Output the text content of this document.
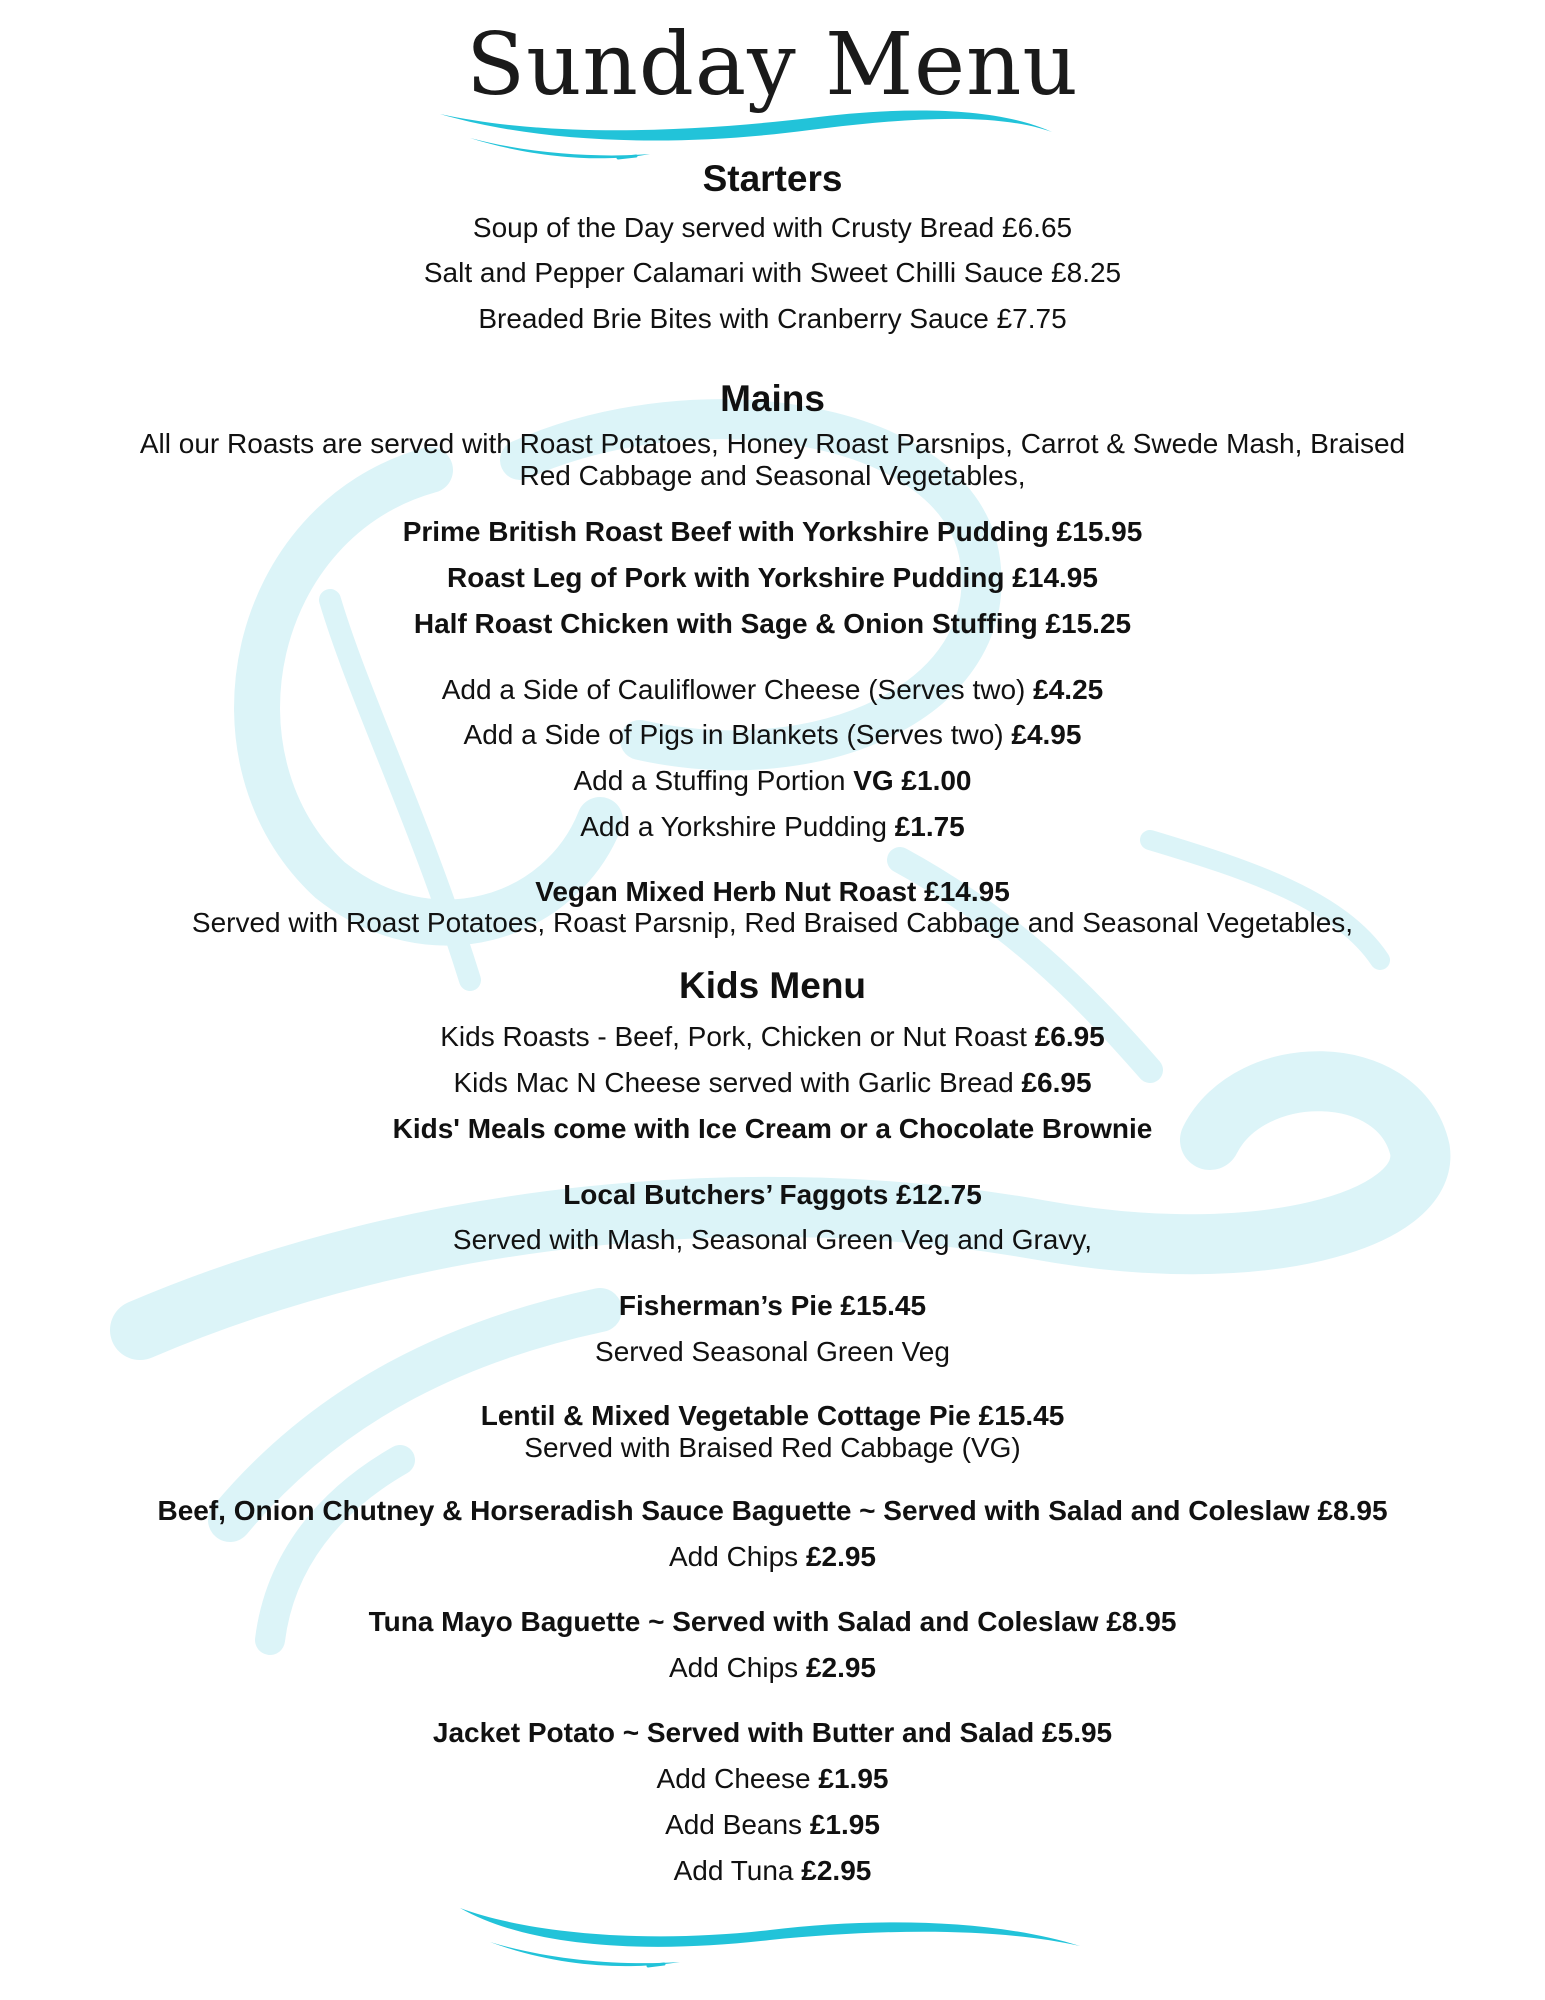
Sunday Menu
Starters
Soup of the Day served with Crusty Bread £6.65
Salt and Pepper Calamari with Sweet Chilli Sauce £8.25
Breaded Brie Bites with Cranberry Sauce £7.75
Mains
All our Roasts are served with Roast Potatoes, Honey Roast Parsnips, Carrot & Swede Mash, Braised Red Cabbage and Seasonal Vegetables,
Prime British Roast Beef with Yorkshire Pudding £15.95
Roast Leg of Pork with Yorkshire Pudding £14.95
Half Roast Chicken with Sage & Onion Stuffing £15.25
Add a Side of Cauliflower Cheese (Serves two) £4.25
Add a Side of Pigs in Blankets (Serves two) £4.95
Add a Stuffing Portion VG £1.00
Add a Yorkshire Pudding £1.75
Vegan Mixed Herb Nut Roast £14.95
Served with Roast Potatoes, Roast Parsnip, Red Braised Cabbage and Seasonal Vegetables,
Kids Menu
Kids Roasts - Beef, Pork, Chicken or Nut Roast £6.95
Kids Mac N Cheese served with Garlic Bread £6.95
Kids' Meals come with Ice Cream or a Chocolate Brownie
Local Butchers’ Faggots £12.75
Served with Mash, Seasonal Green Veg and Gravy,
Fisherman’s Pie £15.45
Served Seasonal Green Veg
Lentil & Mixed Vegetable Cottage Pie £15.45
Served with Braised Red Cabbage (VG)
Beef, Onion Chutney & Horseradish Sauce Baguette ~ Served with Salad and Coleslaw £8.95
Add Chips £2.95
Tuna Mayo Baguette ~ Served with Salad and Coleslaw £8.95
Add Chips £2.95
Jacket Potato ~ Served with Butter and Salad £5.95
Add Cheese £1.95
Add Beans £1.95
Add Tuna £2.95
